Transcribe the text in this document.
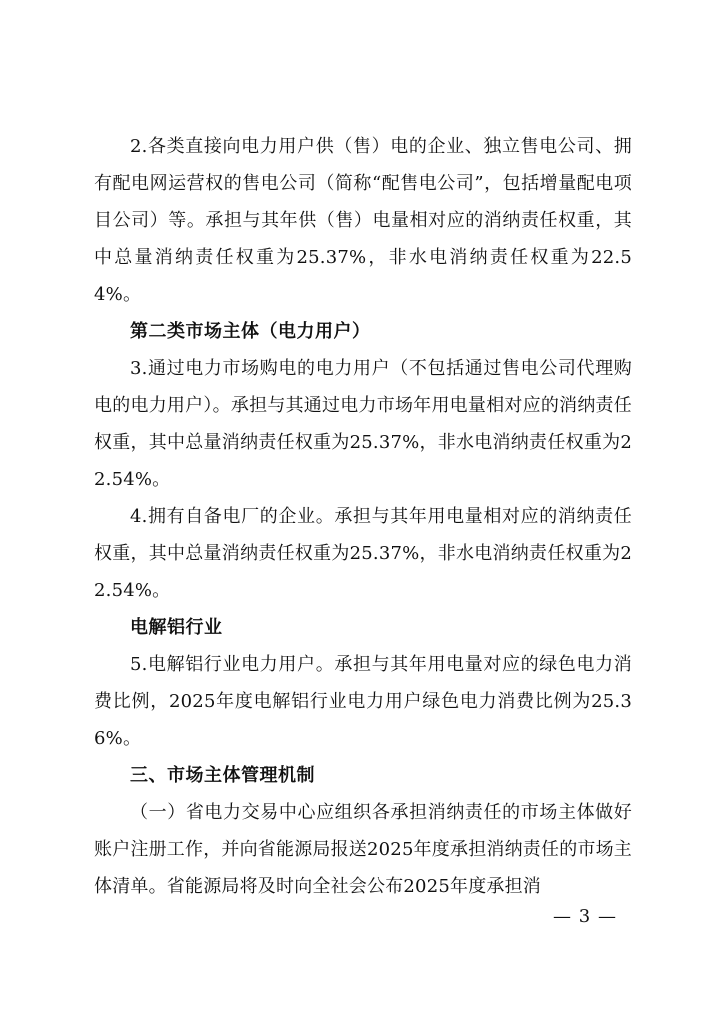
2.各类直接向电力用户供（售）电的企业、独立售电公司、拥有配电网运营权的售电公司（简称“配售电公司”，包括增量配电项目公司）等。承担与其年供（售）电量相对应的消纳责任权重，其中总量消纳责任权重为25.37%，非水电消纳责任权重为22.54%。

第二类市场主体（电力用户）

3.通过电力市场购电的电力用户（不包括通过售电公司代理购电的电力用户）。承担与其通过电力市场年用电量相对应的消纳责任权重，其中总量消纳责任权重为25.37%，非水电消纳责任权重为22.54%。

4.拥有自备电厂的企业。承担与其年用电量相对应的消纳责任权重，其中总量消纳责任权重为25.37%，非水电消纳责任权重为22.54%。

电解铝行业

5.电解铝行业电力用户。承担与其年用电量对应的绿色电力消费比例，2025年度电解铝行业电力用户绿色电力消费比例为25.36%。

三、市场主体管理机制

（一）省电力交易中心应组织各承担消纳责任的市场主体做好账户注册工作，并向省能源局报送2025年度承担消纳责任的市场主体清单。省能源局将及时向全社会公布2025年度承担消

— 3 —
